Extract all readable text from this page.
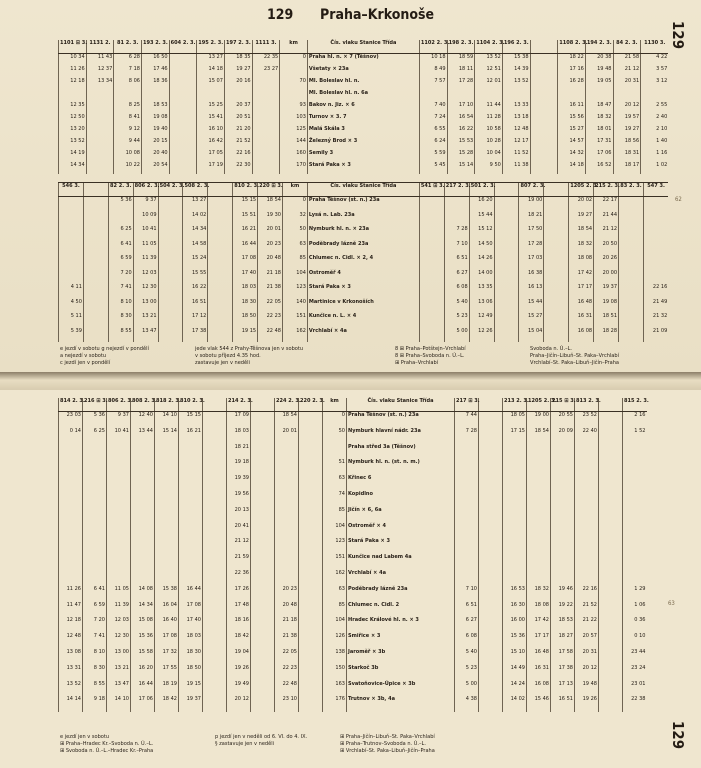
129 Praha–Krkonoše
129
62
1101 ⊞ 3.	1131 2.	81 2. 3.	193 2. 3.	604 2. 3.	195 2. 3.	197 2. 3.	1111 3.	km	Čís. vlaku Stanice Třída	1102 2. 3.	198 2. 3.	1104 2. 3.	196 2. 3.		1108 2. 3.	194 2. 3.	84 2. 3.	1130 3.
10 34	11 43	6 28	16 50		13 27	18 35	22 35	0	Praha hl. n. ⨯ 7 (Těšnov)	10 18	18 59	13 52	15 38		18 22	20 38	21 58	4 22
11 26	12 37	7 18	17 46		14 18	19 27	23 27		Všetaty ⨯ 23a	8 49	18 11	12 51	14 39		17 16	19 48	21 12	3 57
12 18	13 34	8 06	18 36		15 07	20 16		70	Ml. Boleslav hl. n.	7 57	17 28	12 01	13 52		16 28	19 05	20 31	3 12
									Ml. Boleslav hl. n. 6a									
12 35		8 25	18 53		15 25	20 37		93	Bakov n. Jiz. ⨯ 6	7 40	17 10	11 44	13 33		16 11	18 47	20 12	2 55
12 50		8 41	19 08		15 41	20 51		103	Turnov ⨯ 3. 7	7 24	16 54	11 28	13 18		15 56	18 32	19 57	2 40
13 20		9 12	19 40		16 10	21 20		125	Malá Skála 3	6 55	16 22	10 58	12 48		15 27	18 01	19 27	2 10
13 52		9 44	20 15		16 42	21 52		144	Železný Brod ⨯ 3	6 24	15 53	10 28	12 17		14 57	17 31	18 56	1 40
14 19		10 08	20 40		17 05	22 16		160	Semily 3	5 59	15 28	10 04	11 52		14 32	17 06	18 31	1 16
14 34		10 22	20 54		17 19	22 30		170	Stará Paka ⨯ 3	5 45	15 14	9 50	11 38		14 18	16 52	18 17	1 02
546 3.		82 2. 3.	806 2. 3.	504 2. 3.	508 2. 3.		810 2. 3.	220 ⊞ 3.	km	Čís. vlaku Stanice Třída	541 ⊞ 3.	217 2. 3.	501 2. 3.		807 2. 3.		1205 2. 3.	215 2. 3.	83 2. 3.	547 3.
		5 36	9 37		13 27		15 15	18 54	0	Praha Těšnov (st. n.) 23a			16 20		19 00		20 02	22 17		
			10 09		14 02		15 51	19 30	32	Lysá n. Lab. 23a			15 44		18 21		19 27	21 44		
		6 25	10 41		14 34		16 21	20 01	50	Nymburk hl. n. ⨯ 23a		7 28	15 12		17 50		18 54	21 12		
		6 41	11 05		14 58		16 44	20 23	63	Poděbrady lázně 23a		7 10	14 50		17 28		18 32	20 50		
		6 59	11 39		15 24		17 08	20 48	85	Chlumec n. Cidl. ⨯ 2, 4		6 51	14 26		17 03		18 08	20 26		
		7 20	12 03		15 55		17 40	21 18	104	Ostroměř 4		6 27	14 00		16 38		17 42	20 00		
4 11		7 41	12 30		16 22		18 03	21 38	123	Stará Paka ⨯ 3		6 08	13 35		16 13		17 17	19 37		22 16
4 50		8 10	13 00		16 51		18 30	22 05	140	Martinice v Krkonoších		5 40	13 06		15 44		16 48	19 08		21 49
5 11		8 30	13 21		17 12		18 50	22 23	151	Kunčice n. L. ⨯ 4		5 23	12 49		15 27		16 31	18 51		21 32
5 39		8 55	13 47		17 38		19 15	22 48	162	Vrchlabí ⨯ 4a		5 00	12 26		15 04		16 08	18 28		21 09
e jezdí v sobotu g nejezdí v pondělí
a nejezdí v sobotu
c jezdí jen v pondělí
jede vlak 544 z Prahy-Těšnova jen v sobotu
v sobotu příjezd 4.35 hod.
zastavuje jen v neděli
8 ⊞ Praha–Potštejn–Vrchlabí
8 ⊞ Praha–Svoboda n. Ú.–L.
⊞ Praha–Vrchlabí
Svoboda n. Ú.–L.
Praha–Jičín–Libuň–St. Paka–Vrchlabí
Vrchlabí–St. Paka–Libuň–Jičín–Praha
814 2. 3.	216 ⊞ 3.	806 2. 3.	808 2. 3.	818 2. 3.	810 2. 3.		214 2. 3.		224 2. 3.	220 2. 3.	km	Čís. vlaku Stanice Třída	217 ⊞ 3.		213 2. 3.	1205 2. 3.	215 ⊞ 3.	813 2. 3.		815 2. 3.
23 03	5 36	9 37	12 40	14 10	15 15		17 09		18 54		0	Praha Těšnov (st. n.) 23a	7 44		18 05	19 00	20 55	23 52		2 16
0 14	6 25	10 41	13 44	15 14	16 21		18 03		20 01		50	Nymburk hlavní nádr. 23a	7 28		17 15	18 54	20 09	22 40		1 52
							18 21					Praha střed 3a (Těšnov)								
							19 18				51	Nymburk hl. n. (st. n. m.)								
							19 39				63	Křinec 6								
							19 56				74	Kopidlno								
							20 13				85	Jičín ⨯ 6, 6a								
							20 41				104	Ostroměř ⨯ 4								
							21 12				123	Stará Paka ⨯ 3								
							21 59				151	Kunčice nad Labem 4a								
							22 36				162	Vrchlabí ⨯ 4a								
11 26	6 41	11 05	14 08	15 38	16 44		17 26		20 23		63	Poděbrady lázně 23a	7 10		16 53	18 32	19 46	22 16		1 29
11 47	6 59	11 39	14 34	16 04	17 08		17 48		20 48		85	Chlumec n. Cidl. 2	6 51		16 30	18 08	19 22	21 52		1 06
12 18	7 20	12 03	15 08	16 40	17 40		18 16		21 18		104	Hradec Králové hl. n. ⨯ 3	6 27		16 00	17 42	18 53	21 22		0 36
12 48	7 41	12 30	15 36	17 08	18 03		18 42		21 38		126	Smiřice ⨯ 3	6 08		15 36	17 17	18 27	20 57		0 10
13 08	8 10	13 00	15 58	17 32	18 30		19 04		22 05		138	Jaroměř ⨯ 3b	5 40		15 10	16 48	17 58	20 31		23 44
13 31	8 30	13 21	16 20	17 55	18 50		19 26		22 23		150	Starkoč 3b	5 23		14 49	16 31	17 38	20 12		23 24
13 52	8 55	13 47	16 44	18 19	19 15		19 49		22 48		163	Svatoňovice-Úpice ⨯ 3b	5 00		14 24	16 08	17 13	19 48		23 01
14 14	9 18	14 10	17 06	18 42	19 37		20 12		23 10		176	Trutnov ⨯ 3b, 4a	4 38		14 02	15 46	16 51	19 26		22 38
63
e jezdí jen v sobotu
⊞ Praha–Hradec Kr.–Svoboda n. Ú.–L.
⊞ Svoboda n. Ú.–L.–Hradec Kr.–Praha
p jezdí jen v neděli od 6. VI. do 4. IX.
§ zastavuje jen v neděli
⊞ Praha–Jičín–Libuň–St. Paka–Vrchlabí
⊞ Praha–Trutnov–Svoboda n. Ú.–L.
⊞ Vrchlabí–St. Paka–Libuň–Jičín–Praha
129
